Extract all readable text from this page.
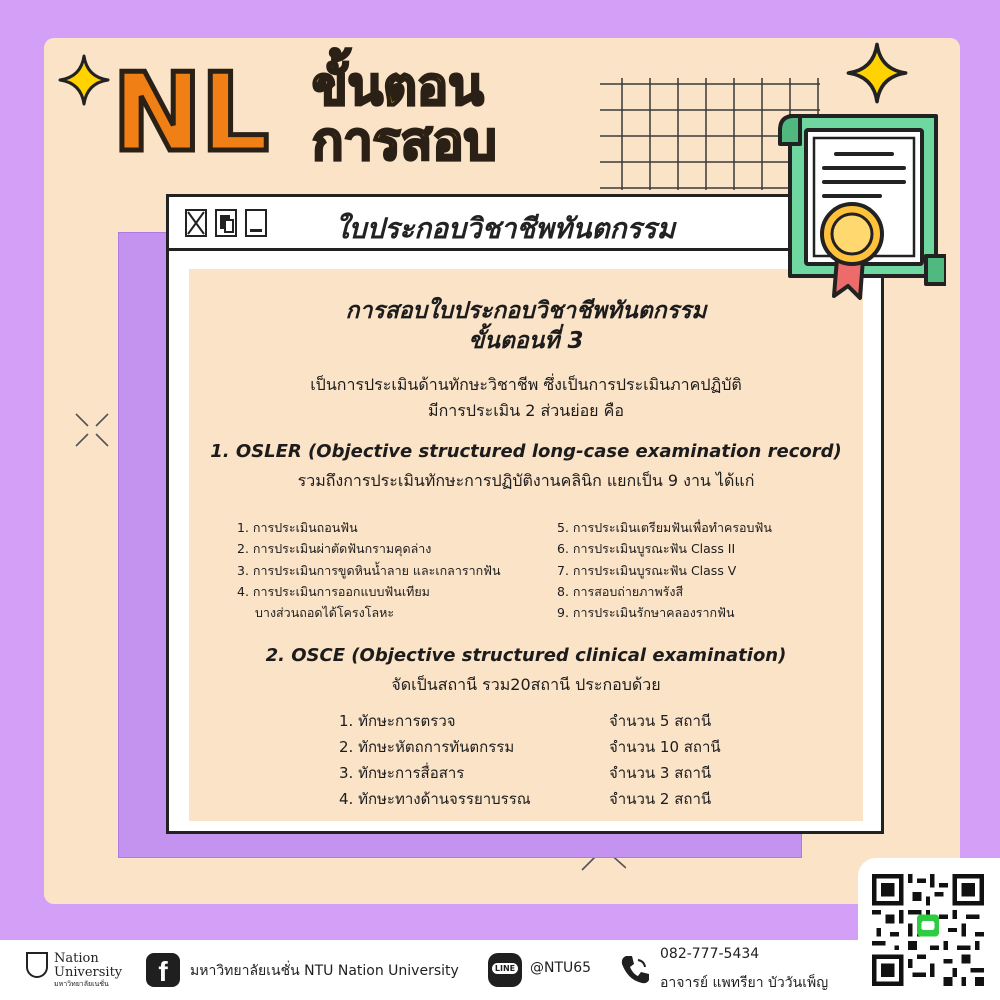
NL ขั้นตอน
การสอบ
ใบประกอบวิชาชีพทันตกรรม
การสอบใบประกอบวิชาชีพทันตกรรม
ขั้นตอนที่ 3
เป็นการประเมินด้านทักษะวิชาชีพ ซึ่งเป็นการประเมินภาคปฏิบัติ
มีการประเมิน 2 ส่วนย่อย คือ
1. OSLER (Objective structured long-case examination record)
รวมถึงการประเมินทักษะการปฏิบัติงานคลินิก แยกเป็น 9 งาน ได้แก่
1. การประเมินถอนฟัน
2. การประเมินผ่าตัดฟันกรามคุดล่าง
3. การประเมินการขูดหินน้ำลาย และเกลารากฟัน
4. การประเมินการออกแบบฟันเทียม
บางส่วนถอดได้โครงโลหะ
5. การประเมินเตรียมฟันเพื่อทำครอบฟัน
6. การประเมินบูรณะฟัน Class II
7. การประเมินบูรณะฟัน Class V
8. การสอบถ่ายภาพรังสี
9. การประเมินรักษาคลองรากฟัน
2. OSCE (Objective structured clinical examination)
จัดเป็นสถานี รวม20สถานี ประกอบด้วย
1. ทักษะการตรวจ	จำนวน 5 สถานี
2. ทักษะหัตถการทันตกรรม	จำนวน 10 สถานี
3. ทักษะการสื่อสาร	จำนวน 3 สถานี
4. ทักษะทางด้านจรรยาบรรณ	จำนวน 2 สถานี
Nation
University
มหาวิทยาลัยเนชั่น	f	มหาวิทยาลัยเนชั่น NTU Nation University	LINE	@NTU65
082-777-5434
อาจารย์ แพทรียา บัววันเพ็ญ
